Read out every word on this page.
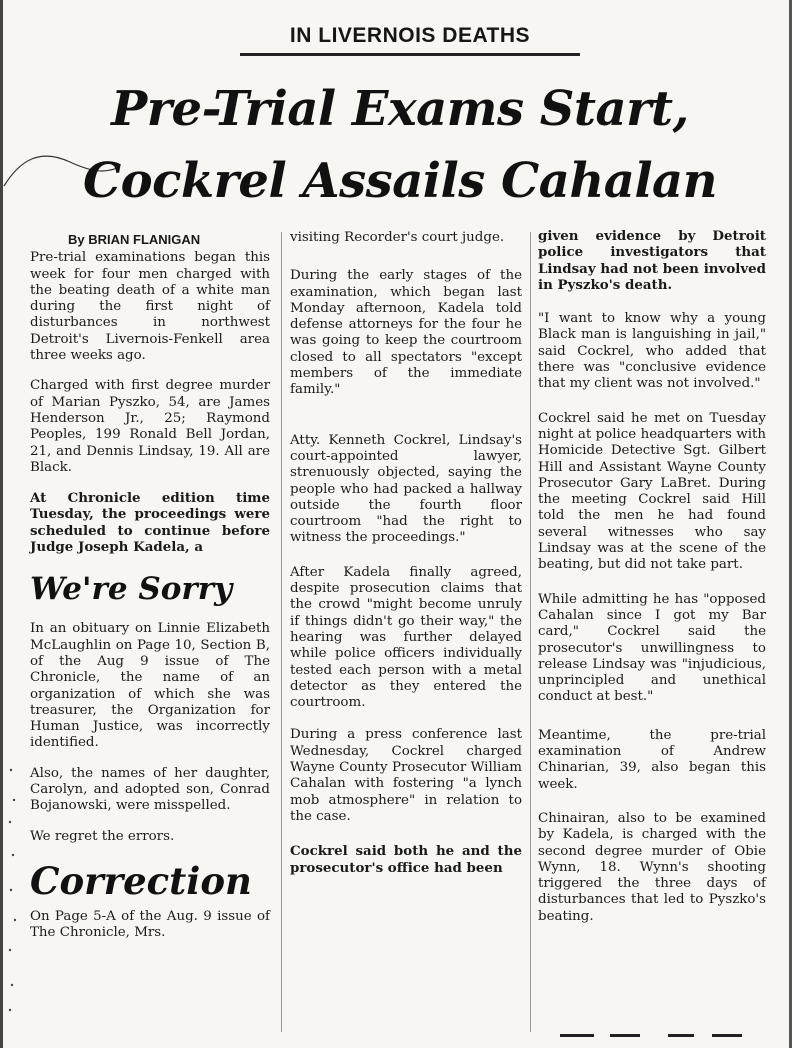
IN LIVERNOIS DEATHS
Pre-Trial Exams Start,
Cockrel Assails Cahalan
By BRIAN FLANIGAN

Pre-trial examinations began this week for four men charged with the beating death of a white man during the first night of disturbances in northwest Detroit's Livernois-Fenkell area three weeks ago.

Charged with first degree murder of Marian Pyszko, 54, are James Henderson Jr., 25; Raymond Peoples, 199 Ronald Bell Jordan, 21, and Dennis Lindsay, 19. All are Black.

At Chronicle edition time Tuesday, the proceedings were scheduled to continue before Judge Joseph Kadela, a

We're Sorry

In an obituary on Linnie Elizabeth McLaughlin on Page 10, Section B, of the Aug 9 issue of The Chronicle, the name of an organization of which she was treasurer, the Organization for Human Justice, was incorrectly identified.

Also, the names of her daughter, Carolyn, and adopted son, Conrad Bojanowski, were misspelled.

We regret the errors.

Correction

On Page 5-A of the Aug. 9 issue of The Chronicle, Mrs.

visiting Recorder's court judge.

During the early stages of the examination, which began last Monday afternoon, Kadela told defense attorneys for the four he was going to keep the courtroom closed to all spectators "except members of the immediate family."

Atty. Kenneth Cockrel, Lindsay's court-appointed lawyer, strenuously objected, saying the people who had packed a hallway outside the fourth floor courtroom "had the right to witness the proceedings."

After Kadela finally agreed, despite prosecution claims that the crowd "might become unruly if things didn't go their way," the hearing was further delayed while police officers individually tested each person with a metal detector as they entered the courtroom.

During a press conference last Wednesday, Cockrel charged Wayne County Prosecutor William Cahalan with fostering "a lynch mob atmosphere" in relation to the case.

Cockrel said both he and the prosecutor's office had been

given evidence by Detroit police investigators that Lindsay had not been involved in Pyszko's death.

"I want to know why a young Black man is languishing in jail," said Cockrel, who added that there was "conclusive evidence that my client was not involved."

Cockrel said he met on Tuesday night at police headquarters with Homicide Detective Sgt. Gilbert Hill and Assistant Wayne County Prosecutor Gary LaBret. During the meeting Cockrel said Hill told the men he had found several witnesses who say Lindsay was at the scene of the beating, but did not take part.

While admitting he has "opposed Cahalan since I got my Bar card," Cockrel said the prosecutor's unwillingness to release Lindsay was "injudicious, unprincipled and unethical conduct at best."

Meantime, the pre-trial examination of Andrew Chinarian, 39, also began this week.

Chinairan, also to be examined by Kadela, is charged with the second degree murder of Obie Wynn, 18. Wynn's shooting triggered the three days of disturbances that led to Pyszko's beating.
